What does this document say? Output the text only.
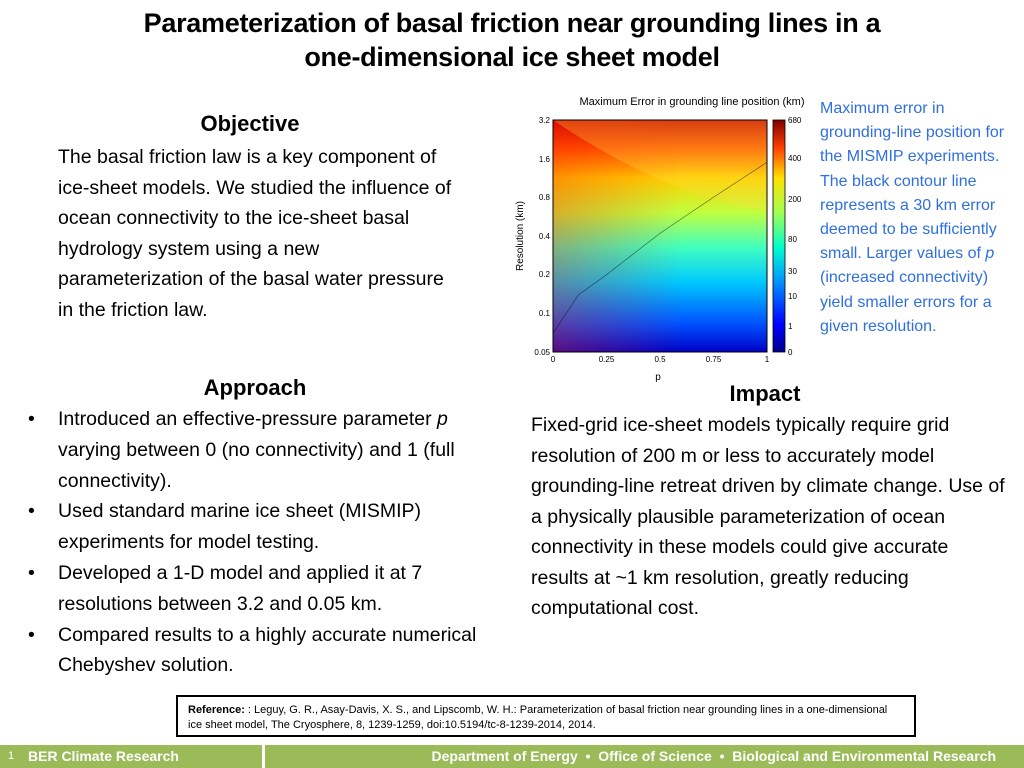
Parameterization of basal friction near grounding lines in a
one-dimensional ice sheet model
Objective
The basal friction law is a key component of ice-sheet models. We studied the influence of ocean connectivity to the ice-sheet basal hydrology system using a new parameterization of the basal water pressure in the friction law.
Approach
• Introduced an effective-pressure parameter p varying between 0 (no connectivity) and 1 (full connectivity).
• Used standard marine ice sheet (MISMIP) experiments for model testing.
• Developed a 1-D model and applied it at 7 resolutions between 3.2 and 0.05 km.
• Compared results to a highly accurate numerical Chebyshev solution.
Impact
Fixed-grid ice-sheet models typically require grid resolution of 200 m or less to accurately model grounding-line retreat driven by climate change. Use of a physically plausible parameterization of ocean connectivity in these models could give accurate results at ~1 km resolution, greatly reducing computational cost.
Maximum error in grounding-line position for the MISMIP experiments. The black contour line represents a 30 km error deemed to be sufficiently small. Larger values of p (increased connectivity) yield smaller errors for a given resolution.
Maximum Error in grounding line position (km)
3.2
1.6
0.8
0.4
0.2
0.1
0.05
0	0.25	0.5	0.75	1
p
Resolution (km)
680
400
200
80
30
10
1
0
Reference: : Leguy, G. R., Asay-Davis, X. S., and Lipscomb, W. H.: Parameterization of basal friction near grounding lines in a one-dimensional ice sheet model, The Cryosphere, 8, 1239-1259, doi:10.5194/tc-8-1239-2014, 2014.
1 BER Climate Research	Department of Energy  •  Office of Science  •  Biological and Environmental Research
